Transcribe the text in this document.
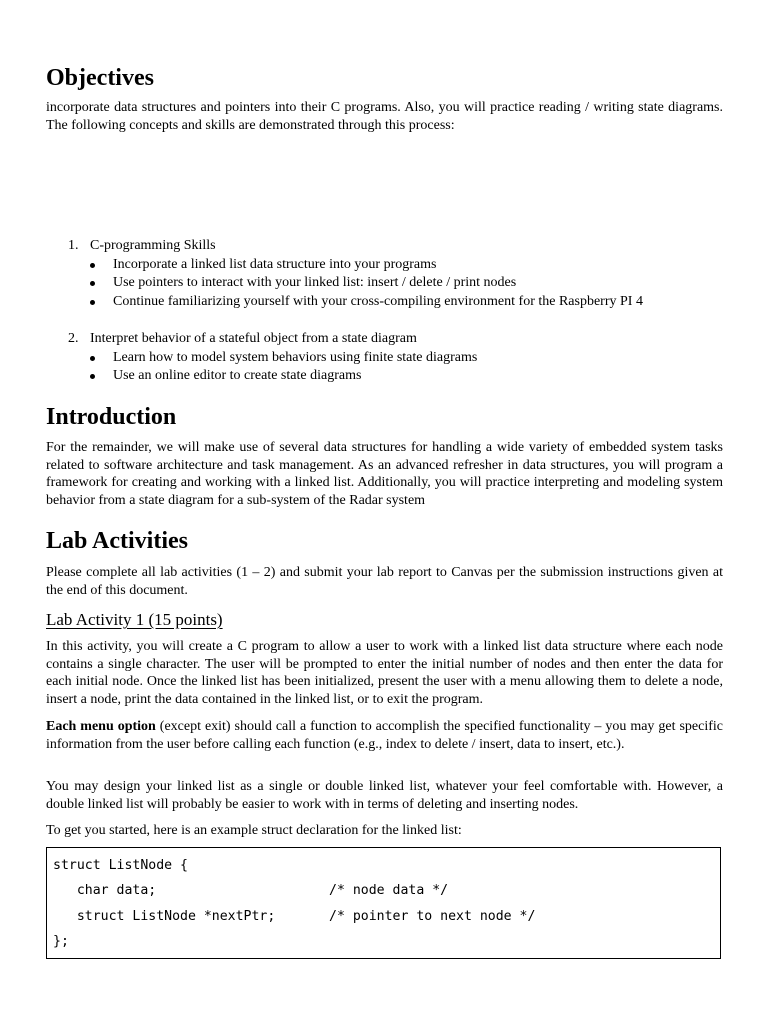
Objectives

incorporate data structures and pointers into their C programs. Also, you will practice reading / writing state diagrams. The following concepts and skills are demonstrated through this process:

1. C-programming Skills
Incorporate a linked list data structure into your programs
Use pointers to interact with your linked list: insert / delete / print nodes
Continue familiarizing yourself with your cross-compiling environment for the Raspberry PI 4
2. Interpret behavior of a stateful object from a state diagram
Learn how to model system behaviors using finite state diagrams
Use an online editor to create state diagrams
Introduction

For the remainder, we will make use of several data structures for handling a wide variety of embedded system tasks related to software architecture and task management. As an advanced refresher in data structures, you will program a framework for creating and working with a linked list. Additionally, you will practice interpreting and modeling system behavior from a state diagram for a sub-system of the Radar system

Lab Activities

Please complete all lab activities (1 – 2) and submit your lab report to Canvas per the submission instructions given at the end of this document.

Lab Activity 1 (15 points)

In this activity, you will create a C program to allow a user to work with a linked list data structure where each node contains a single character. The user will be prompted to enter the initial number of nodes and then enter the data for each initial node. Once the linked list has been initialized, present the user with a menu allowing them to delete a node, insert a node, print the data contained in the linked list, or to exit the program.

Each menu option (except exit) should call a function to accomplish the specified functionality – you may get specific information from the user before calling each function (e.g., index to delete / insert, data to insert, etc.).

You may design your linked list as a single or double linked list, whatever your feel comfortable with. However, a double linked list will probably be easier to work with in terms of deleting and inserting nodes.

To get you started, here is an example struct declaration for the linked list:

struct ListNode {
char data;	/* node data */
struct ListNode *nextPtr;	/* pointer to next node */
};
